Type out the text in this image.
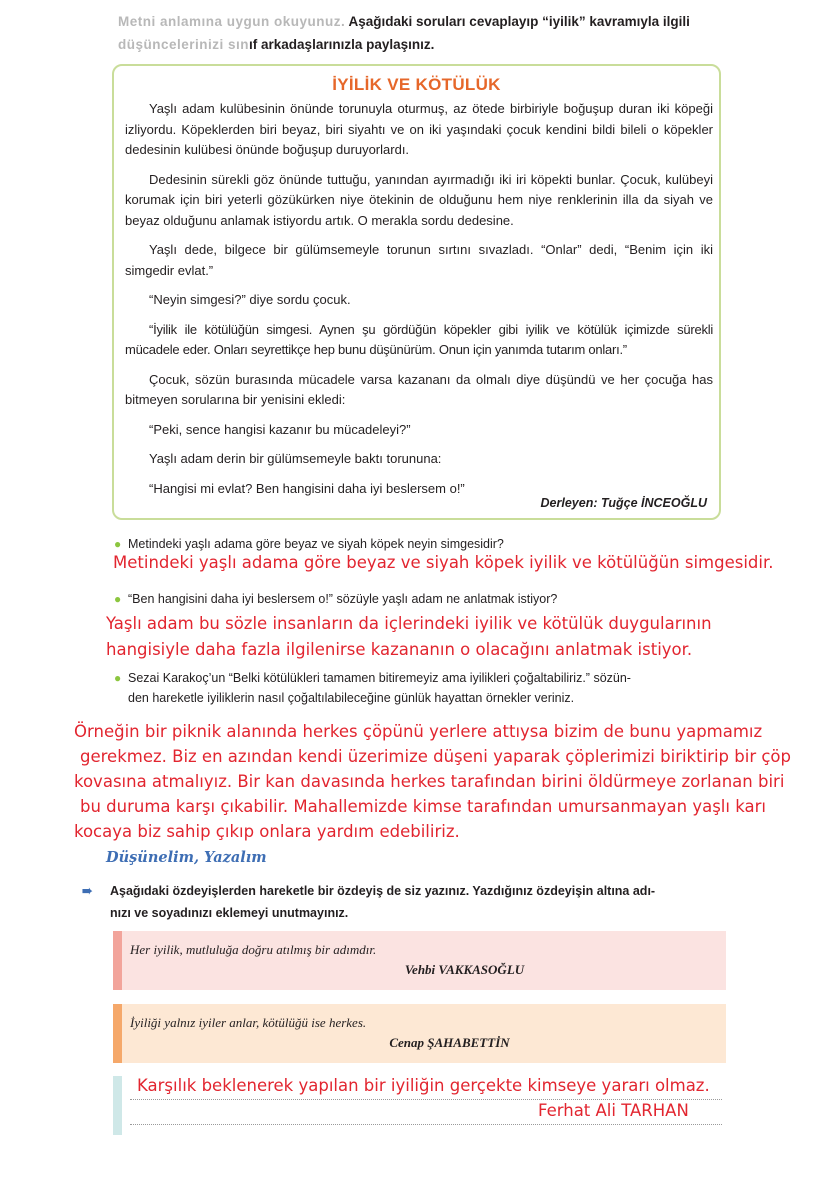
Metni anlamına uygun okuyunuz. Aşağıdaki soruları cevaplayıp “iyilik” kavramıyla ilgili
düşüncelerinizi sınıf arkadaşlarınızla paylaşınız.
İYİLİK VE KÖTÜLÜK

Yaşlı adam kulübesinin önünde torunuyla oturmuş, az ötede birbiriyle boğuşup duran iki köpeği izliyordu. Köpeklerden biri beyaz, biri siyahtı ve on iki yaşındaki çocuk kendini bildi bileli o köpekler dedesinin kulübesi önünde boğuşup duruyorlardı.

Dedesinin sürekli göz önünde tuttuğu, yanından ayırmadığı iki iri köpekti bunlar. Çocuk, kulübeyi korumak için biri yeterli gözükürken niye ötekinin de olduğunu hem niye renklerinin illa da siyah ve beyaz olduğunu anlamak istiyordu artık. O merakla sordu dedesine.

Yaşlı dede, bilgece bir gülümsemeyle torunun sırtını sıvazladı. “Onlar” dedi, “Benim için iki simgedir evlat.”

“Neyin simgesi?” diye sordu çocuk.

“İyilik ile kötülüğün simgesi. Aynen şu gördüğün köpekler gibi iyilik ve kötülük içimizde sürekli mücadele eder. Onları seyrettikçe hep bunu düşünürüm. Onun için yanımda tutarım onları.”

Çocuk, sözün burasında mücadele varsa kazananı da olmalı diye düşündü ve her çocuğa has bitmeyen sorularına bir yenisini ekledi:

“Peki, sence hangisi kazanır bu mücadeleyi?”

Yaşlı adam derin bir gülümsemeyle baktı torununa:

“Hangisi mi evlat? Ben hangisini daha iyi beslersem o!”

Derleyen: Tuğçe İNCEOĞLU
● Metindeki yaşlı adama göre beyaz ve siyah köpek neyin simgesidir?
Metindeki yaşlı adama göre beyaz ve siyah köpek iyilik ve kötülüğün simgesidir.
● “Ben hangisini daha iyi beslersem o!” sözüyle yaşlı adam ne anlatmak istiyor?
Yaşlı adam bu sözle insanların da içlerindeki iyilik ve kötülük duygularının
hangisiyle daha fazla ilgilenirse kazananın o olacağını anlatmak istiyor.
● Sezai Karakoç’un “Belki kötülükleri tamamen bitiremeyiz ama iyilikleri çoğaltabiliriz.” sözün-
den hareketle iyiliklerin nasıl çoğaltılabileceğine günlük hayattan örnekler veriniz.
Örneğin bir piknik alanında herkes çöpünü yerlere attıysa bizim de bunu yapmamız
gerekmez. Biz en azından kendi üzerimize düşeni yaparak çöplerimizi biriktirip bir çöp
kovasına atmalıyız. Bir kan davasında herkes tarafından birini öldürmeye zorlanan biri
bu duruma karşı çıkabilir. Mahallemizde kimse tarafından umursanmayan yaşlı karı
kocaya biz sahip çıkıp onlara yardım edebiliriz.
Düşünelim, Yazalım
➠ Aşağıdaki özdeyişlerden hareketle bir özdeyiş de siz yazınız. Yazdığınız özdeyişin altına adı-
nızı ve soyadınızı eklemeyi unutmayınız.
Her iyilik, mutluluğa doğru atılmış bir adımdır.
Vehbi VAKKASOĞLU
İyiliği yalnız iyiler anlar, kötülüğü ise herkes.
Cenap ŞAHABETTİN
Karşılık beklenerek yapılan bir iyiliğin gerçekte kimseye yararı olmaz.
Ferhat Ali TARHAN
